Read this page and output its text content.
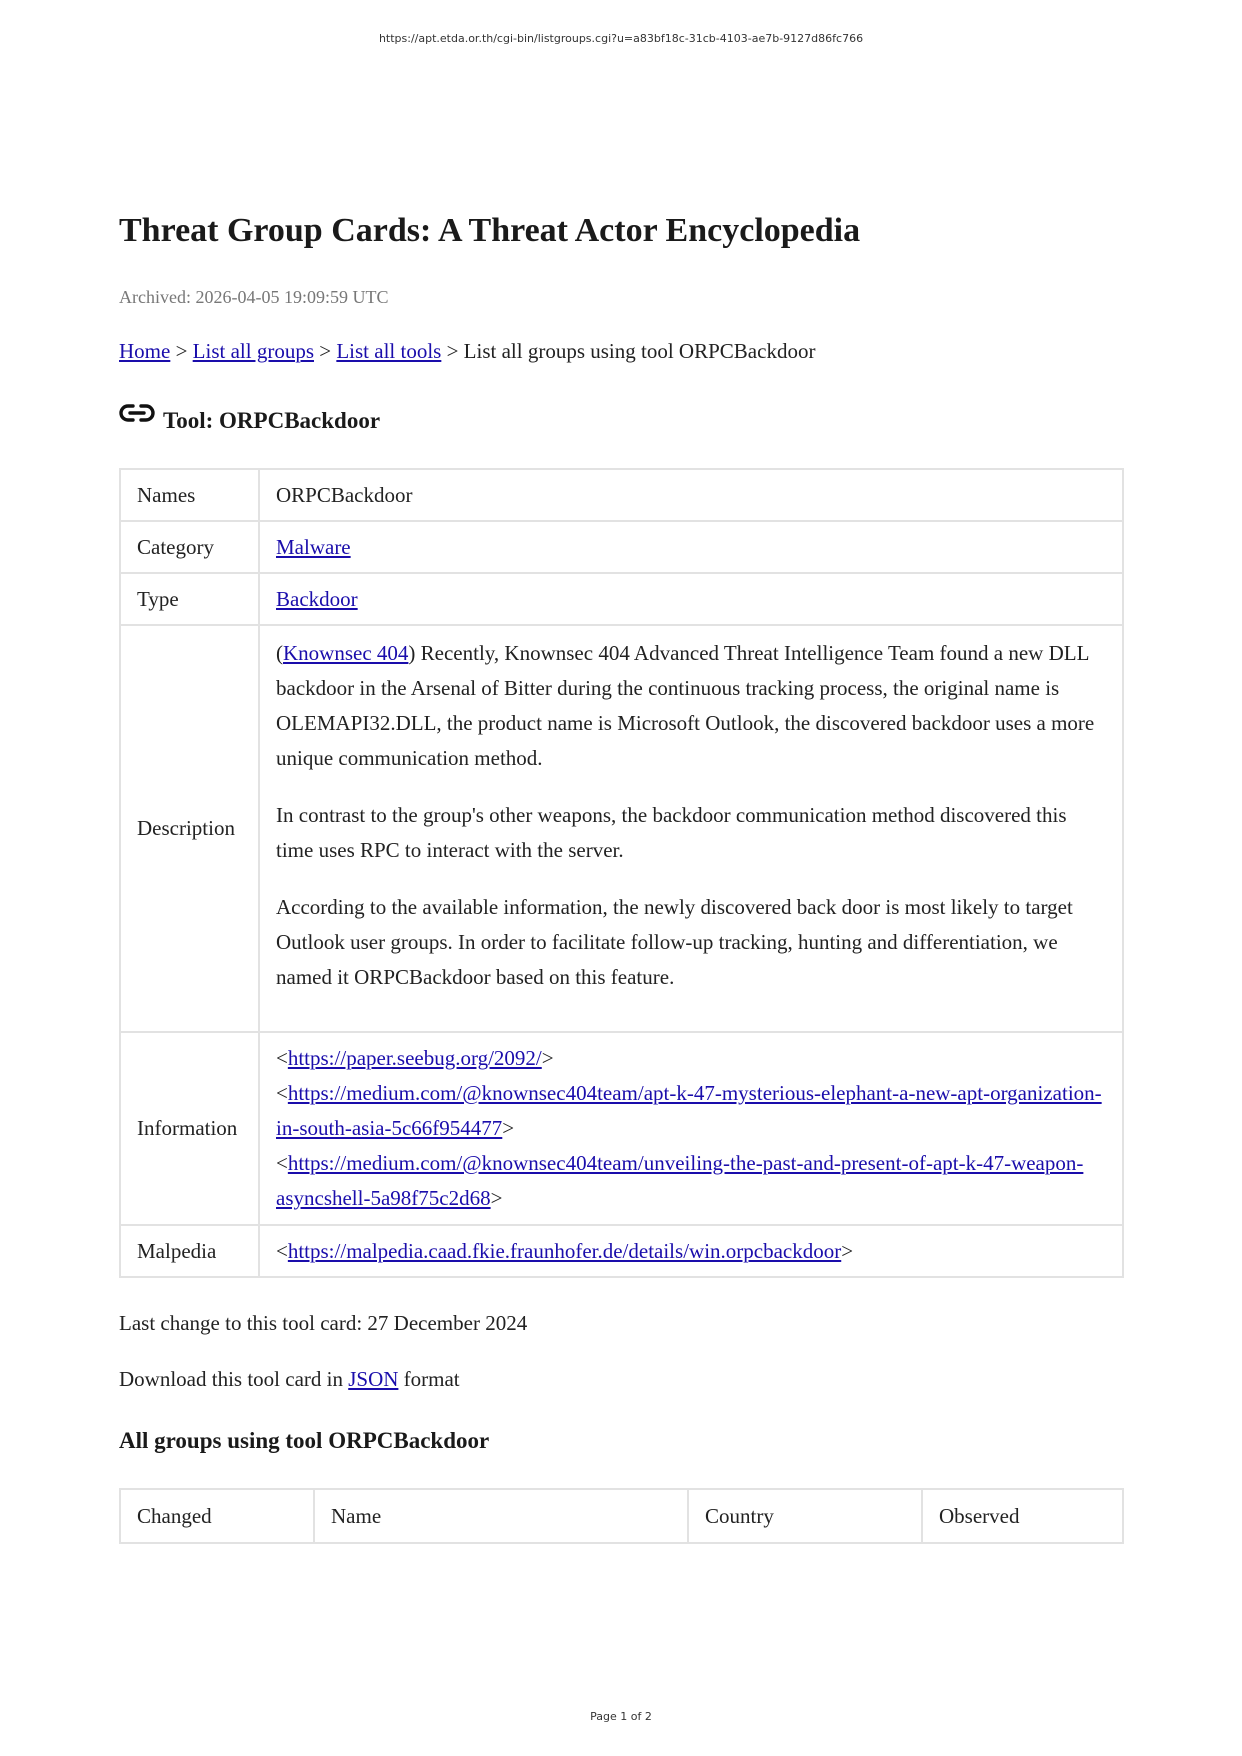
https://apt.etda.or.th/cgi-bin/listgroups.cgi?u=a83bf18c-31cb-4103-ae7b-9127d86fc766
Threat Group Cards: A Threat Actor Encyclopedia
Archived: 2026-04-05 19:09:59 UTC
Home > List all groups > List all tools > List all groups using tool ORPCBackdoor
Tool: ORPCBackdoor
Names	ORPCBackdoor
Category	Malware
Type	Backdoor
Description	(Knownsec 404) Recently, Knownsec 404 Advanced Threat Intelligence Team found a new DLL backdoor in the Arsenal of Bitter during the continuous tracking process, the original name is OLEMAPI32.DLL, the product name is Microsoft Outlook, the discovered backdoor uses a more unique communication method.

In contrast to the group's other weapons, the backdoor communication method discovered this time uses RPC to interact with the server.

According to the available information, the newly discovered back door is most likely to target Outlook user groups. In order to facilitate follow-up tracking, hunting and differentiation, we named it ORPCBackdoor based on this feature.

Information	<https://paper.seebug.org/2092/>
<https://medium.com/@knownsec404team/apt-k-47-mysterious-elephant-a-new-apt-organization-in-south-asia-5c66f954477>
<https://medium.com/@knownsec404team/unveiling-the-past-and-present-of-apt-k-47-weapon-asyncshell-5a98f75c2d68>

Malpedia	<https://malpedia.caad.fkie.fraunhofer.de/details/win.orpcbackdoor>
Last change to this tool card: 27 December 2024
Download this tool card in JSON format
All groups using tool ORPCBackdoor
Changed	Name	Country	Observed
Page 1 of 2
